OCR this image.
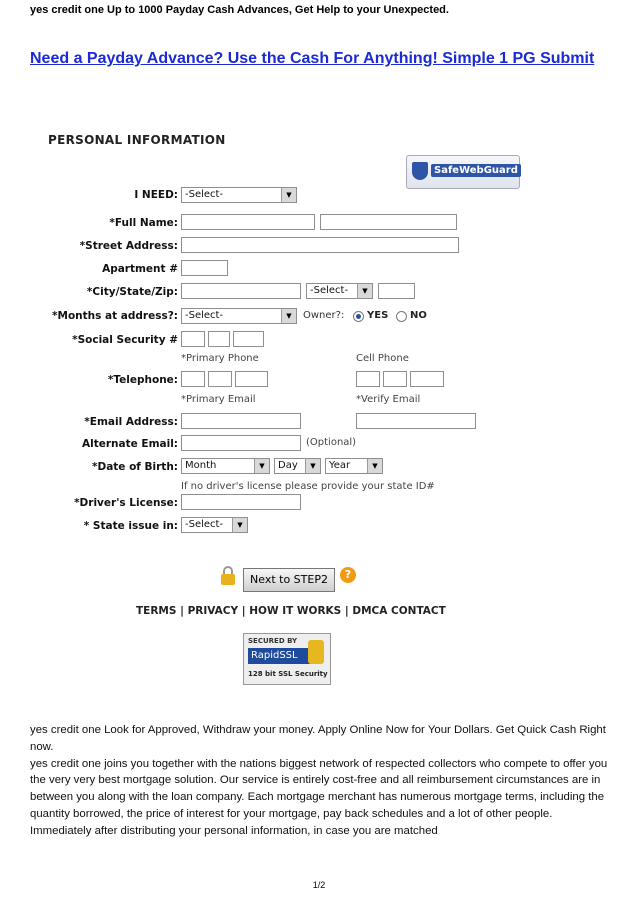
yes credit one Up to 1000 Payday Cash Advances, Get Help to your Unexpected.
Need a Payday Advance? Use the Cash For Anything! Simple 1 PG Submit
PERSONAL INFORMATION
SafeWebGuard
I NEED: -Select-	▼
*Full Name:
*Street Address:
Apartment #
*City/State/Zip:	-Select-	▼
*Months at address?: -Select-	▼	Owner?: YES NO
*Social Security #
*Primary Phone	Cell Phone
*Telephone:
*Primary Email	*Verify Email
*Email Address:
Alternate Email:	(Optional)
*Date of Birth: Month	▼	Day	▼	Year	▼
If no driver's license please provide your state ID#
*Driver's License:
* State issue in: -Select-	▼
Next to STEP2	?
TERMS | PRIVACY | HOW IT WORKS | DMCA CONTACT
SECURED BY
RapidSSL
128 bit SSL Security

yes credit one Look for Approved, Withdraw your money. Apply Online Now for Your Dollars. Get Quick Cash Right now.

yes credit one joins you together with the nations biggest network of respected collectors who compete to offer you the very very best mortgage solution. Our service is entirely cost-free and all reimbursement circumstances are in between you along with the loan company. Each mortgage merchant has numerous mortgage terms, including the quantity borrowed, the price of interest for your mortgage, pay back schedules and a lot of other people. Immediately after distributing your personal information, in case you are matched

1/2
